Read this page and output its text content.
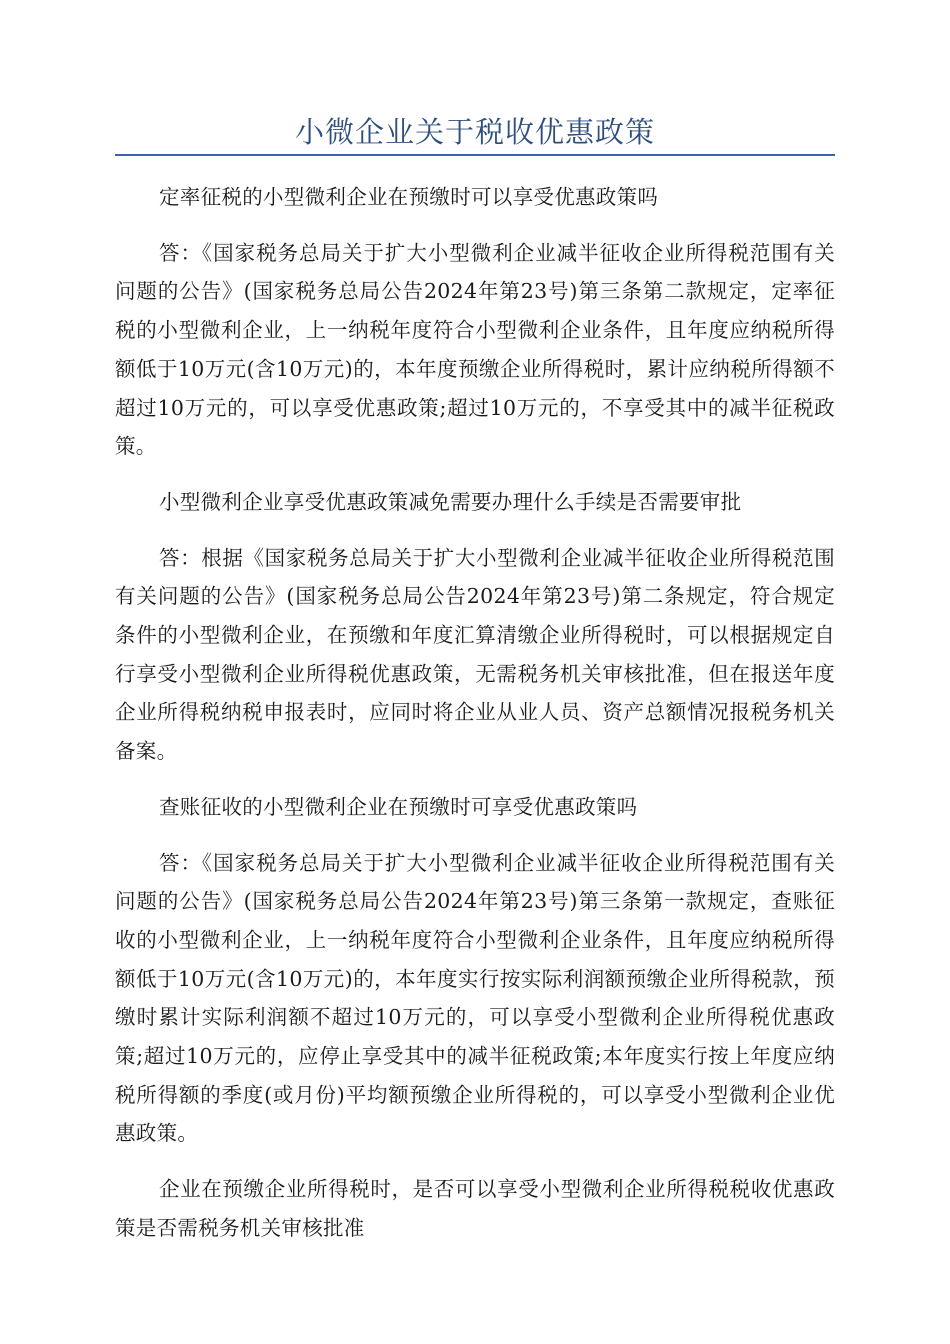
小微企业关于税收优惠政策

定率征税的小型微利企业在预缴时可以享受优惠政策吗

答：《国家税务总局关于扩大小型微利企业减半征收企业所得税范围有关问题的公告》(国家税务总局公告2024年第23号)第三条第二款规定，定率征税的小型微利企业，上一纳税年度符合小型微利企业条件，且年度应纳税所得额低于10万元(含10万元)的，本年度预缴企业所得税时，累计应纳税所得额不超过10万元的，可以享受优惠政策;超过10万元的，不享受其中的减半征税政策。

小型微利企业享受优惠政策减免需要办理什么手续是否需要审批

答：根据《国家税务总局关于扩大小型微利企业减半征收企业所得税范围有关问题的公告》(国家税务总局公告2024年第23号)第二条规定，符合规定条件的小型微利企业，在预缴和年度汇算清缴企业所得税时，可以根据规定自行享受小型微利企业所得税优惠政策，无需税务机关审核批准，但在报送年度企业所得税纳税申报表时，应同时将企业从业人员、资产总额情况报税务机关备案。

查账征收的小型微利企业在预缴时可享受优惠政策吗

答：《国家税务总局关于扩大小型微利企业减半征收企业所得税范围有关问题的公告》(国家税务总局公告2024年第23号)第三条第一款规定，查账征收的小型微利企业，上一纳税年度符合小型微利企业条件，且年度应纳税所得额低于10万元(含10万元)的，本年度实行按实际利润额预缴企业所得税款，预缴时累计实际利润额不超过10万元的，可以享受小型微利企业所得税优惠政策;超过10万元的，应停止享受其中的减半征税政策;本年度实行按上年度应纳税所得额的季度(或月份)平均额预缴企业所得税的，可以享受小型微利企业优惠政策。

企业在预缴企业所得税时，是否可以享受小型微利企业所得税税收优惠政策是否需税务机关审核批准
